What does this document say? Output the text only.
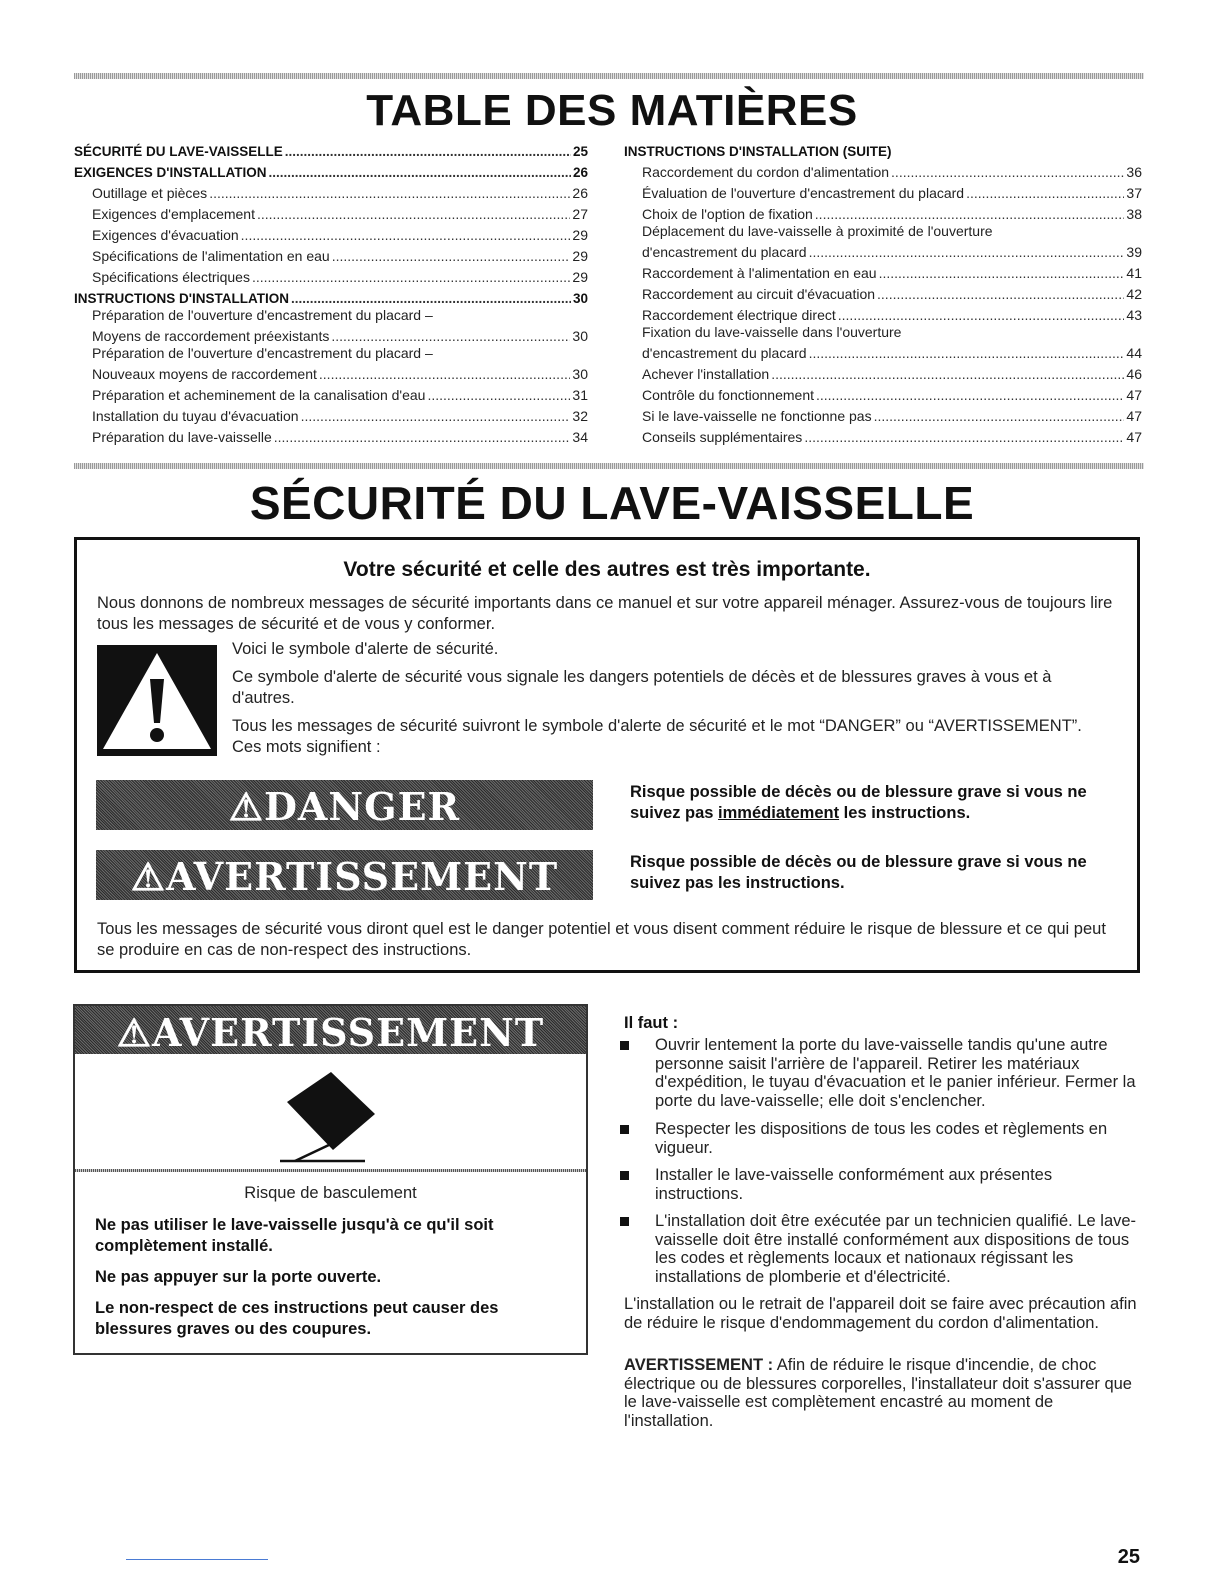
TABLE DES MATIÈRES
SÉCURITÉ DU LAVE-VAISSELLE .....	25
EXIGENCES D'INSTALLATION .....	26
Outillage et pièces .....	26
Exigences d'emplacement .....	27
Exigences d'évacuation .....	29
Spécifications de l'alimentation en eau .....	29
Spécifications électriques .....	29
INSTRUCTIONS D'INSTALLATION .....	30
Préparation de l'ouverture d'encastrement du placard –
Moyens de raccordement préexistants .....	30
Préparation de l'ouverture d'encastrement du placard –
Nouveaux moyens de raccordement .....	30
Préparation et acheminement de la canalisation d'eau .....	31
Installation du tuyau d'évacuation .....	32
Préparation du lave-vaisselle .....	34
INSTRUCTIONS D'INSTALLATION (SUITE)
Raccordement du cordon d'alimentation .....	36
Évaluation de l'ouverture d'encastrement du placard .....	37
Choix de l'option de fixation .....	38
Déplacement du lave-vaisselle à proximité de l'ouverture
d'encastrement du placard .....	39
Raccordement à l'alimentation en eau .....	41
Raccordement au circuit d'évacuation .....	42
Raccordement électrique direct .....	43
Fixation du lave-vaisselle dans l'ouverture
d'encastrement du placard .....	44
Achever l'installation .....	46
Contrôle du fonctionnement .....	47
Si le lave-vaisselle ne fonctionne pas .....	47
Conseils supplémentaires .....	47
SÉCURITÉ DU LAVE-VAISSELLE
Votre sécurité et celle des autres est très importante.
Nous donnons de nombreux messages de sécurité importants dans ce manuel et sur votre appareil ménager. Assurez-vous de toujours lire tous les messages de sécurité et de vous y conformer.
Voici le symbole d'alerte de sécurité.
Ce symbole d'alerte de sécurité vous signale les dangers potentiels de décès et de blessures graves à vous et à d'autres.
Tous les messages de sécurité suivront le symbole d'alerte de sécurité et le mot “DANGER” ou “AVERTISSEMENT”. Ces mots signifient :
⚠DANGER	Risque possible de décès ou de blessure grave si vous ne suivez pas immédiatement les instructions.
⚠AVERTISSEMENT	Risque possible de décès ou de blessure grave si vous ne suivez pas les instructions.
Tous les messages de sécurité vous diront quel est le danger potentiel et vous disent comment réduire le risque de blessure et ce qui peut se produire en cas de non-respect des instructions.
⚠AVERTISSEMENT
Risque de basculement
Ne pas utiliser le lave-vaisselle jusqu'à ce qu'il soit complètement installé.
Ne pas appuyer sur la porte ouverte.
Le non-respect de ces instructions peut causer des blessures graves ou des coupures.
Il faut :
Ouvrir lentement la porte du lave-vaisselle tandis qu'une autre personne saisit l'arrière de l'appareil. Retirer les matériaux d'expédition, le tuyau d'évacuation et le panier inférieur. Fermer la porte du lave-vaisselle; elle doit s'enclencher.
Respecter les dispositions de tous les codes et règlements en vigueur.
Installer le lave-vaisselle conformément aux présentes instructions.
L'installation doit être exécutée par un technicien qualifié. Le lave-vaisselle doit être installé conformément aux dispositions de tous les codes et règlements locaux et nationaux régissant les installations de plomberie et d'électricité.
L'installation ou le retrait de l'appareil doit se faire avec précaution afin de réduire le risque d'endommagement du cordon d'alimentation.
AVERTISSEMENT : Afin de réduire le risque d'incendie, de choc électrique ou de blessures corporelles, l'installateur doit s'assurer que le lave-vaisselle est complètement encastré au moment de l'installation.
25
